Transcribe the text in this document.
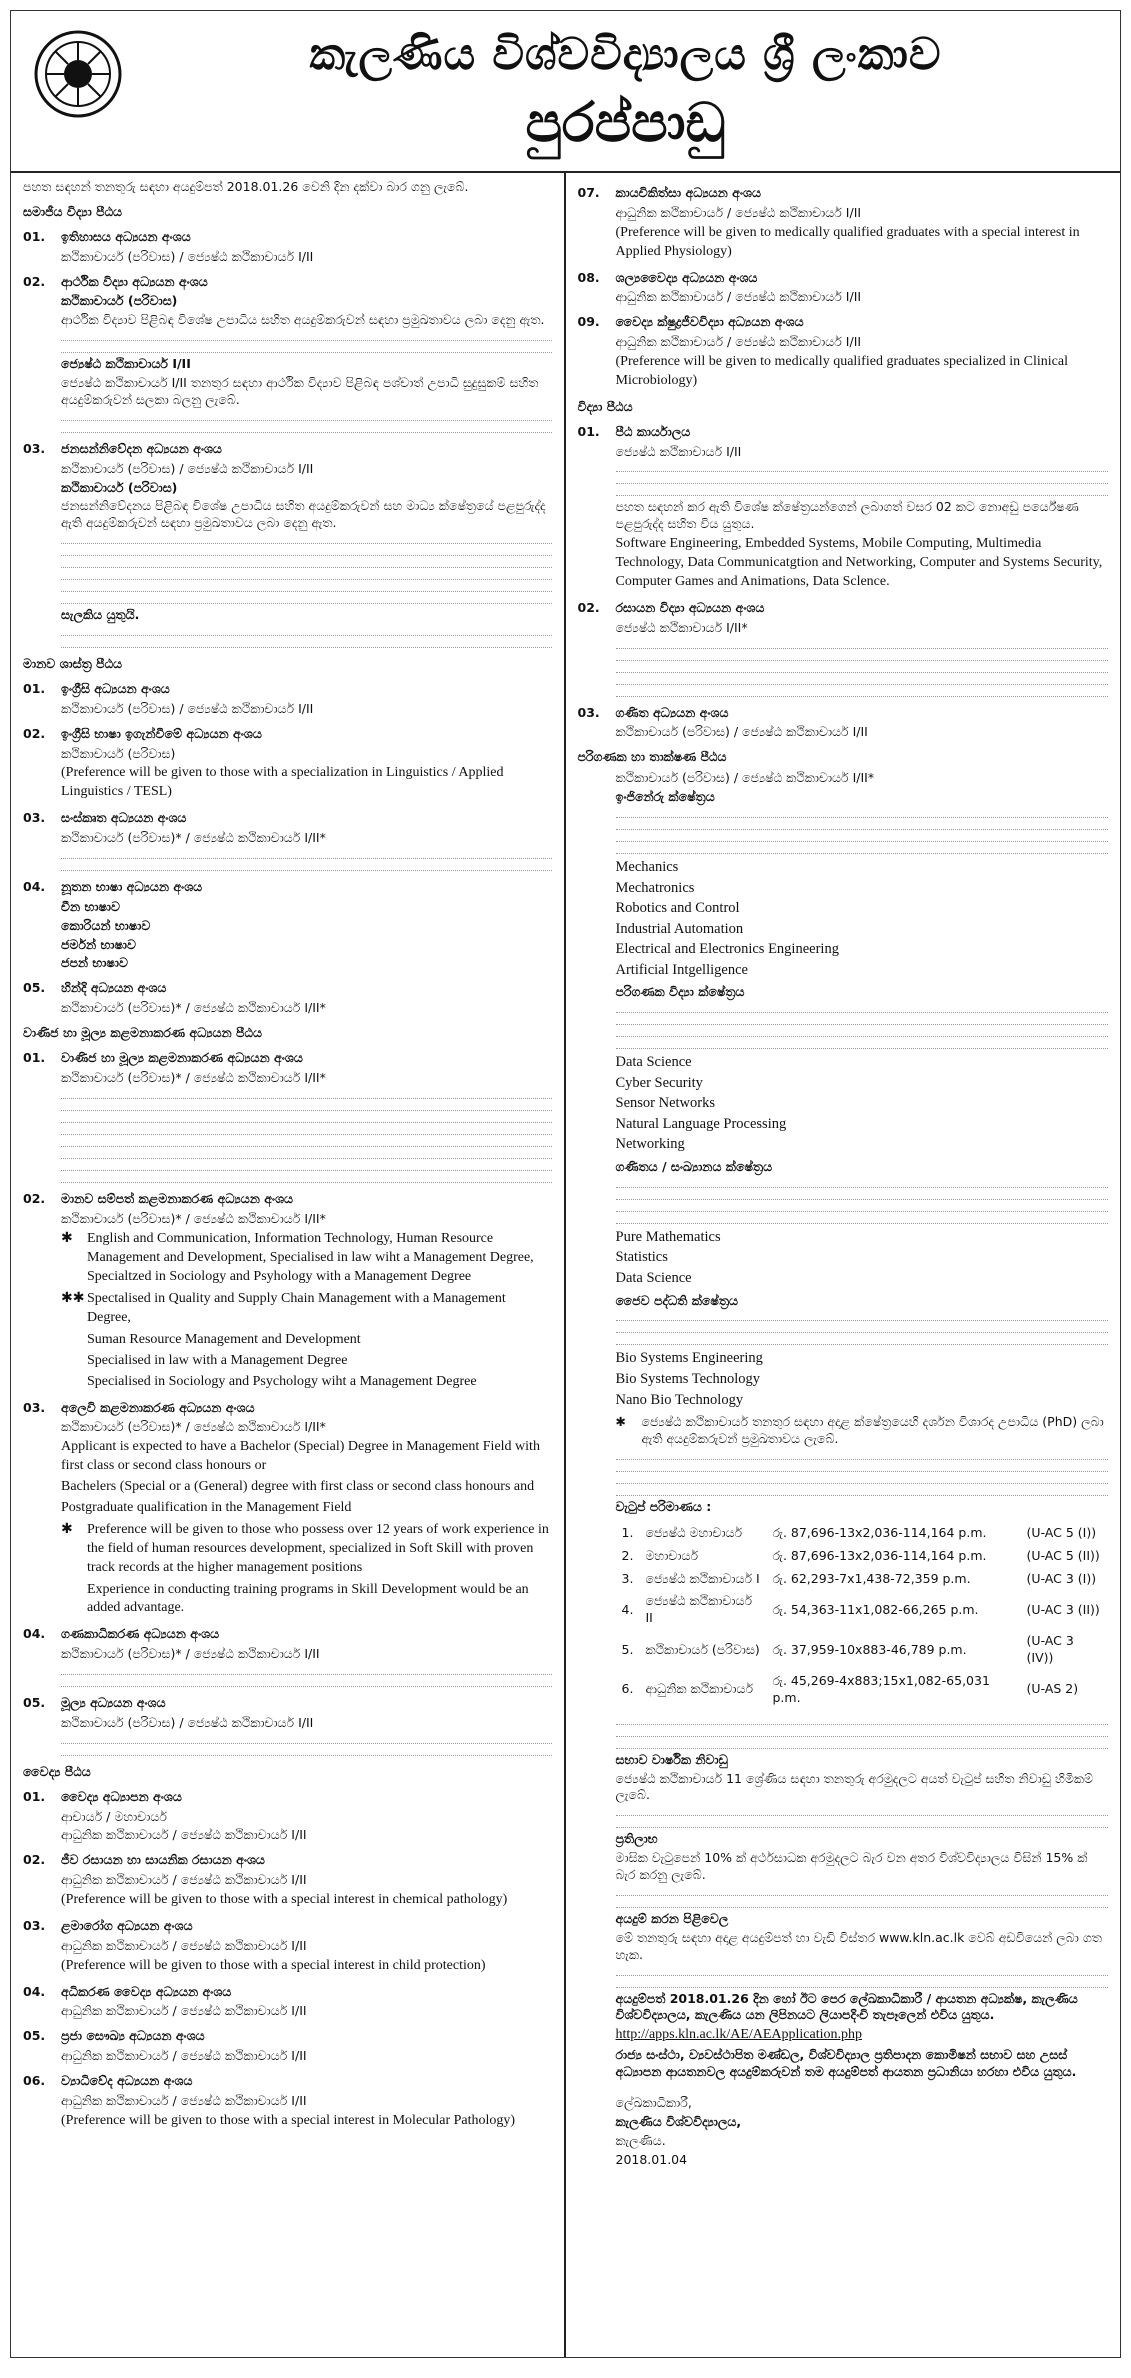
කැලණිය විශ්වවිද්‍යාලය ශ්‍රී ලංකාව
පුරප්පාඩු
පහත සඳහන් තනතුරු සඳහා අයදුම්පත් 2018.01.26 වෙනි දින දක්වා බාර ගනු ලැබේ.
සමාජීය විද්‍යා පීඨය
01. ඉතිහාසය අධ්‍යයන අංශය
කථිකාචාර්ය (පරිවාස) / ජ්‍යෙෂ්ඨ කථිකාචාර්ය I/II
02. ආර්ථික විද්‍යා අධ්‍යයන අංශය
කථිකාචාර්ය (පරිවාස)
ආර්ථික විද්‍යාව පිළිබඳ විශේෂ උපාධිය සහිත අයදුම්කරුවන් සඳහා ප්‍රමුඛතාවය ලබා දෙනු ඇත.
ජ්‍යෙෂ්ඨ කථිකාචාර්ය I/II
ජ්‍යෙෂ්ඨ කථිකාචාර්ය I/II තනතුර සඳහා ආර්ථික විද්‍යාව පිළිබඳ පශ්චාත් උපාධි සුදුසුකම් සහිත අයදුම්කරුවන් සලකා බලනු ලැබේ.
03. ජනසන්නිවේදන අධ්‍යයන අංශය
කථිකාචාර්ය (පරිවාස) / ජ්‍යෙෂ්ඨ කථිකාචාර්ය I/II
කථිකාචාර්ය (පරිවාස)
ජනසන්නිවේදනය පිළිබඳ විශේෂ උපාධිය සහිත අයදුම්කරුවන් සහ මාධ්‍ය ක්ෂේත්‍රයේ පළපුරුද්ද ඇති අයදුම්කරුවන් සඳහා ප්‍රමුඛතාවය ලබා දෙනු ඇත.
සැලකිය යුතුයි.
මානව ශාස්ත්‍ර පීඨය
01. ඉංග්‍රීසි අධ්‍යයන අංශය
කථිකාචාර්ය (පරිවාස) / ජ්‍යෙෂ්ඨ කථිකාචාර්ය I/II
02. ඉංග්‍රීසි භාෂා ඉගැන්වීමේ අධ්‍යයන අංශය
කථිකාචාර්ය (පරිවාස)
(Preference will be given to those with a specialization in Linguistics / Applied Linguistics / TESL)
03. සංස්කෘත අධ්‍යයන අංශය
කථිකාචාර්ය (පරිවාස)* / ජ්‍යෙෂ්ඨ කථිකාචාර්ය I/II*
04. නූතන භාෂා අධ්‍යයන අංශය
චීන භාෂාව
කොරියන් භාෂාව
ජර්මන් භාෂාව
ජපන් භාෂාව
05. හින්දි අධ්‍යයන අංශය
කථිකාචාර්ය (පරිවාස)* / ජ්‍යෙෂ්ඨ කථිකාචාර්ය I/II*
වාණිජ හා මූල්‍ය කළමනාකරණ අධ්‍යයන පීඨය
01. වාණිජ හා මූල්‍ය කළමනාකරණ අධ්‍යයන අංශය
කථිකාචාර්ය (පරිවාස)* / ජ්‍යෙෂ්ඨ කථිකාචාර්ය I/II*
02. මානව සම්පත් කළමනාකරණ අධ්‍යයන අංශය
කථිකාචාර්ය (පරිවාස)* / ජ්‍යෙෂ්ඨ කථිකාචාර්ය I/II*
✱	English and Communication, Information Technology, Human Resource Management and Development, Specialised in law wiht a Management Degree, Specialtzed in Sociology and Psyhology with a Management Degree
✱✱ Spectalised in Quality and Supply Chain Management with a Management Degree,
Suman Resource Management and Development
Specialised in law with a Management Degree
Specialised in Sociology and Psychology wiht a Management Degree
03. අලෙවි කළමනාකරණ අධ්‍යයන අංශය
කථිකාචාර්ය (පරිවාස)* / ජ්‍යෙෂ්ඨ කථිකාචාර්ය I/II*
Applicant is expected to have a Bachelor (Special) Degree in Management Field with first class or second class honours or
Bachelers (Special or a (General) degree with first class or second class honours and
Postgraduate qualification in the Management Field
✱	Preference will be given to those who possess over 12 years of work experience in the field of human resources development, specialized in Soft Skill with proven track records at the higher management positions
Experience in conducting training programs in Skill Development would be an added advantage.
04. ගණකාධිකරණ අධ්‍යයන අංශය
කථිකාචාර්ය (පරිවාස)* / ජ්‍යෙෂ්ඨ කථිකාචාර්ය I/II
05. මූල්‍ය අධ්‍යයන අංශය
කථිකාචාර්ය (පරිවාස) / ජ්‍යෙෂ්ඨ කථිකාචාර්ය I/II
වෛද්‍ය පීඨය
01. වෛද්‍ය අධ්‍යාපන අංශය
ආචාර්ය / මහාචාර්ය
ආධුනික කථිකාචාර්ය / ජ්‍යෙෂ්ඨ කථිකාචාර්ය I/II
02. ජීව රසායන හා සායනික රසායන අංශය
ආධුනික කථිකාචාර්ය / ජ්‍යෙෂ්ඨ කථිකාචාර්ය I/II
(Preference will be given to those with a special interest in chemical pathology)
03. ළමාරෝග අධ්‍යයන අංශය
ආධුනික කථිකාචාර්ය / ජ්‍යෙෂ්ඨ කථිකාචාර්ය I/II
(Preference will be given to those with a special interest in child protection)
04. අධිකරණ වෛද්‍ය අධ්‍යයන අංශය
ආධුනික කථිකාචාර්ය / ජ්‍යෙෂ්ඨ කථිකාචාර්ය I/II
05. ප්‍රජා සෞඛ්‍ය අධ්‍යයන අංශය
ආධුනික කථිකාචාර්ය / ජ්‍යෙෂ්ඨ කථිකාචාර්ය I/II
06. ව්‍යාධිවේද අධ්‍යයන අංශය
ආධුනික කථිකාචාර්ය / ජ්‍යෙෂ්ඨ කථිකාචාර්ය I/II
(Preference will be given to those with a special interest in Molecular Pathology)
07. කායචිකිත්සා අධ්‍යයන අංශය
ආධුනික කථිකාචාර්ය / ජ්‍යෙෂ්ඨ කථිකාචාර්ය I/II
(Preference will be given to medically qualified graduates with a special interest in Applied Physiology)
08. ශල්‍යවෛද්‍ය අධ්‍යයන අංශය
ආධුනික කථිකාචාර්ය / ජ්‍යෙෂ්ඨ කථිකාචාර්ය I/II
09. වෛද්‍ය ක්ෂුද්‍රජීවවිද්‍යා අධ්‍යයන අංශය
ආධුනික කථිකාචාර්ය / ජ්‍යෙෂ්ඨ කථිකාචාර්ය I/II
(Preference will be given to medically qualified graduates specialized in Clinical Microbiology)
විද්‍යා පීඨය
01. පීඨ කාර්යාලය
ජ්‍යෙෂ්ඨ කථිකාචාර්ය I/II
පහත සඳහන් කර ඇති විශේෂ ක්ෂේත්‍රයන්ගෙන් ලබාගත් වසර 02 කට නොඅඩු පර්යේෂණ පළපුරුද්ද සහිත විය යුතුය.
Software Engineering, Embedded Systems, Mobile Computing, Multimedia Technology, Data Communicatgtion and Networking, Computer and Systems Security, Computer Games and Animations, Data Sclence.
02. රසායන විද්‍යා අධ්‍යයන අංශය
ජ්‍යෙෂ්ඨ කථිකාචාර්ය I/II*
03. ගණිත අධ්‍යයන අංශය
කථිකාචාර්ය (පරිවාස) / ජ්‍යෙෂ්ඨ කථිකාචාර්ය I/II
පරිගණක හා තාක්ෂණ පීඨය
කථිකාචාර්ය (පරිවාස) / ජ්‍යෙෂ්ඨ කථිකාචාර්ය I/II*
ඉංජිනේරු ක්ෂේත්‍රය
Mechanics
Mechatronics
Robotics and Control
Industrial Automation
Electrical and Electronics Engineering
Artificial Intgelligence
පරිගණක විද්‍යා ක්ෂේත්‍රය
Data Science
Cyber Security
Sensor Networks
Natural Language Processing
Networking
ගණිතය / සංඛ්‍යානය ක්ෂේත්‍රය
Pure Mathematics
Statistics
Data Science
ජෛව පද්ධති ක්ෂේත්‍රය
Bio Systems Engineering
Bio Systems Technology
Nano Bio Technology
✱	ජ්‍යෙෂ්ඨ කථිකාචාර්ය තනතුර සඳහා අදාළ ක්ෂේත්‍රයෙහි දර්ශන විශාරද උපාධිය (PhD) ලබා ඇති අයදුම්කරුවන් ප්‍රමුඛතාවය ලැබේ.
වැටුප් පරිමාණය :
1.	ජ්‍යෙෂ්ඨ මහාචාර්ය	රු. 87,696-13x2,036-114,164 p.m.	(U-AC 5 (I))
2.	මහාචාර්ය	රු. 87,696-13x2,036-114,164 p.m.	(U-AC 5 (II))
3.	ජ්‍යෙෂ්ඨ කථිකාචාර්ය I	රු. 62,293-7x1,438-72,359 p.m.	(U-AC 3 (I))
4.	ජ්‍යෙෂ්ඨ කථිකාචාර්ය II	රු. 54,363-11x1,082-66,265 p.m.	(U-AC 3 (II))
5.	කථිකාචාර්ය (පරිවාස)	රු. 37,959-10x883-46,789 p.m.	(U-AC 3 (IV))
6.	ආධුනික කථිකාචාර්ය	රු. 45,269-4x883;15x1,082-65,031 p.m.	(U-AS 2)
සභාව වාර්ෂික නිවාඩු
ජ්‍යෙෂ්ඨ කථිකාචාර්ය 11 ශ්‍රේණිය සඳහා තනතුරු අරමුදලට අයත් වැටුප් සහිත නිවාඩු හිමිකම් ලැබේ.
ප්‍රතිලාභ
මාසික වැටුපෙන් 10% ක් අර්ථසාධක අරමුදලට බැර වන අතර විශ්වවිද්‍යාලය විසින් 15% ක් බැර කරනු ලැබේ.
අයදුම් කරන පිළිවෙල
මේ තනතුරු සඳහා අදාළ අයදුම්පත් හා වැඩි විස්තර www.kln.ac.lk වෙබ් අඩවියෙන් ලබා ගත හැක.
අයදුම්පත් 2018.01.26 දින හෝ ඊට පෙර ලේඛකාධිකාරී / ආයතන අධ්‍යක්ෂ, කැලණිය විශ්වවිද්‍යාලය, කැලණිය යන ලිපිනයට ලියාපදිංචි තැපෑලෙන් එවිය යුතුය.
http://apps.kln.ac.lk/AE/AEApplication.php
රාජ්‍ය සංස්ථා, ව්‍යවස්ථාපිත මණ්ඩල, විශ්වවිද්‍යාල ප්‍රතිපාදන කොමිෂන් සභාව සහ උසස් අධ්‍යාපන ආයතනවල අයදුම්කරුවන් තම අයදුම්පත් ආයතන ප්‍රධානියා හරහා එවිය යුතුය.
ලේඛකාධිකාරී,
කැලණිය විශ්වවිද්‍යාලය,
කැලණිය.
2018.01.04
